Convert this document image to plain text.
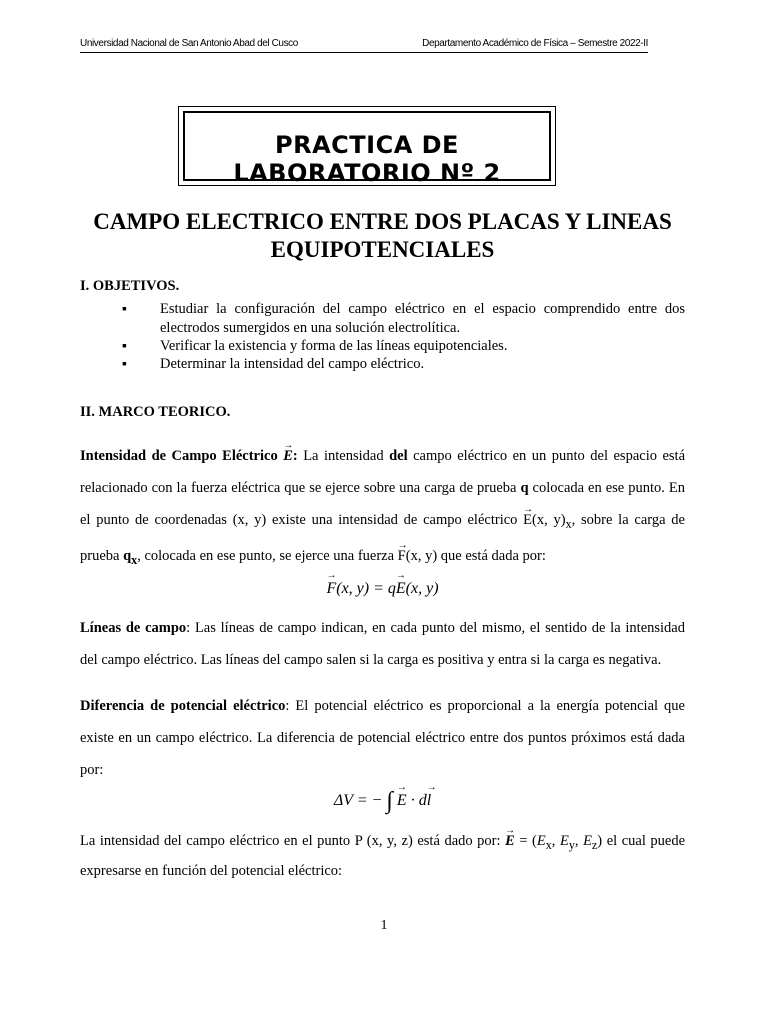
Universidad Nacional de San Antonio Abad del Cusco	Departamento Académico de Física – Semestre 2022-II
PRACTICA DE LABORATORIO Nº 2
CAMPO ELECTRICO ENTRE DOS PLACAS Y LINEAS
EQUIPOTENCIALES
I. OBJETIVOS.
▪ Estudiar la configuración del campo eléctrico en el espacio comprendido entre dos electrodos sumergidos en una solución electrolítica.
▪ Verificar la existencia y forma de las líneas equipotenciales.
▪ Determinar la intensidad del campo eléctrico.
II. MARCO TEORICO.
Intensidad de Campo Eléctrico → E: La intensidad del campo eléctrico en un punto del espacio está relacionado con la fuerza eléctrica que se ejerce sobre una carga de prueba q colocada en ese punto. En el punto de coordenadas (x, y) existe una intensidad de campo eléctrico → E(x, $y)_x$, sobre la carga de prueba $q_x$, colocada en ese punto, se ejerce una fuerza → F(x, y) que está dada por:
→ F(x, y) = q→ E(x, y)
Líneas de campo: Las líneas de campo indican, en cada punto del mismo, el sentido de la intensidad del campo eléctrico. Las líneas del campo salen si la carga es positiva y entra si la carga es negativa.
Diferencia de potencial eléctrico: El potencial eléctrico es proporcional a la energía potencial que existe en un campo eléctrico. La diferencia de potencial eléctrico entre dos puntos próximos está dada por:
ΔV = − ∫→ E · d→ l
La intensidad del campo eléctrico en el punto P (x, y, z) está dado por: → $E = (E_x$, $E_y$, $E_z$) el cual puede expresarse en función del potencial eléctrico:
1
